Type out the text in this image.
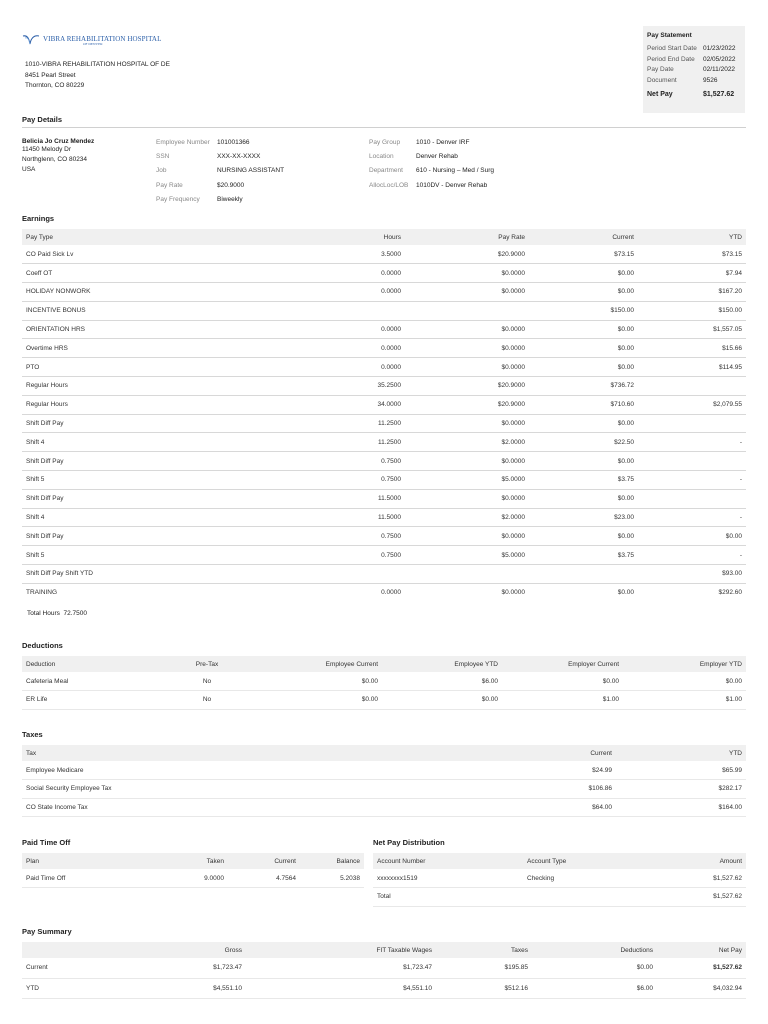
VIBRA REHABILITATION HOSPITAL
OF DENVER
1010-VIBRA REHABILITATION HOSPITAL OF DE
8451 Pearl Street
Thornton, CO 80229
Pay Statement
Period Start Date 01/23/2022
Period End Date	02/05/2022
Pay Date	02/11/2022
Document	9526
Net Pay	$1,527.62
Pay Details
Belicia Jo Cruz Mendez
11450 Melody Dr
Northglenn, CO 80234
USA
Employee Number	101001366
SSN	XXX-XX-XXXX
Job	NURSING ASSISTANT
Pay Rate	$20.9000
Pay Frequency	Biweekly
Pay Group	1010 - Denver IRF
Location	Denver Rehab
Department	610 - Nursing – Med / Surg
AllocLoc/LOB	1010DV - Denver Rehab
Earnings
Pay Type	Hours	Pay Rate	Current	YTD
CO Paid Sick Lv	3.5000	$20.9000	$73.15	$73.15
Coeff OT	0.0000	$0.0000	$0.00	$7.94
HOLIDAY NONWORK	0.0000	$0.0000	$0.00	$167.20
INCENTIVE BONUS			$150.00	$150.00
ORIENTATION HRS	0.0000	$0.0000	$0.00	$1,557.05
Overtime HRS	0.0000	$0.0000	$0.00	$15.66
PTO	0.0000	$0.0000	$0.00	$114.95
Regular Hours	35.2500	$20.9000	$736.72	
Regular Hours	34.0000	$20.9000	$710.60	$2,079.55
Shift Diff Pay	11.2500	$0.0000	$0.00	
Shift 4	11.2500	$2.0000	$22.50	-
Shift Diff Pay	0.7500	$0.0000	$0.00	
Shift 5	0.7500	$5.0000	$3.75	-
Shift Diff Pay	11.5000	$0.0000	$0.00	
Shift 4	11.5000	$2.0000	$23.00	-
Shift Diff Pay	0.7500	$0.0000	$0.00	$0.00
Shift 5	0.7500	$5.0000	$3.75	-
Shift Diff Pay Shift YTD				$93.00
TRAINING	0.0000	$0.0000	$0.00	$292.60
Total Hours 72.7500
Deductions
Deduction	Pre-Tax	Employee Current	Employee YTD	Employer Current	Employer YTD
Cafeteria Meal	No	$0.00	$6.00	$0.00	$0.00
ER Life	No	$0.00	$0.00	$1.00	$1.00
Taxes
Tax	Current	YTD
Employee Medicare	$24.99	$65.99
Social Security Employee Tax	$106.86	$282.17
CO State Income Tax	$64.00	$164.00
Paid Time Off
Plan	Taken	Current	Balance
Paid Time Off	9.0000	4.7564	5.2038
Net Pay Distribution
Account Number	Account Type	Amount
xxxxxxxx1519	Checking	$1,527.62
Total		$1,527.62
Pay Summary
	Gross	FIT Taxable Wages	Taxes	Deductions	Net Pay
Current	$1,723.47	$1,723.47	$195.85	$0.00	$1,527.62
YTD	$4,551.10	$4,551.10	$512.16	$6.00	$4,032.94
